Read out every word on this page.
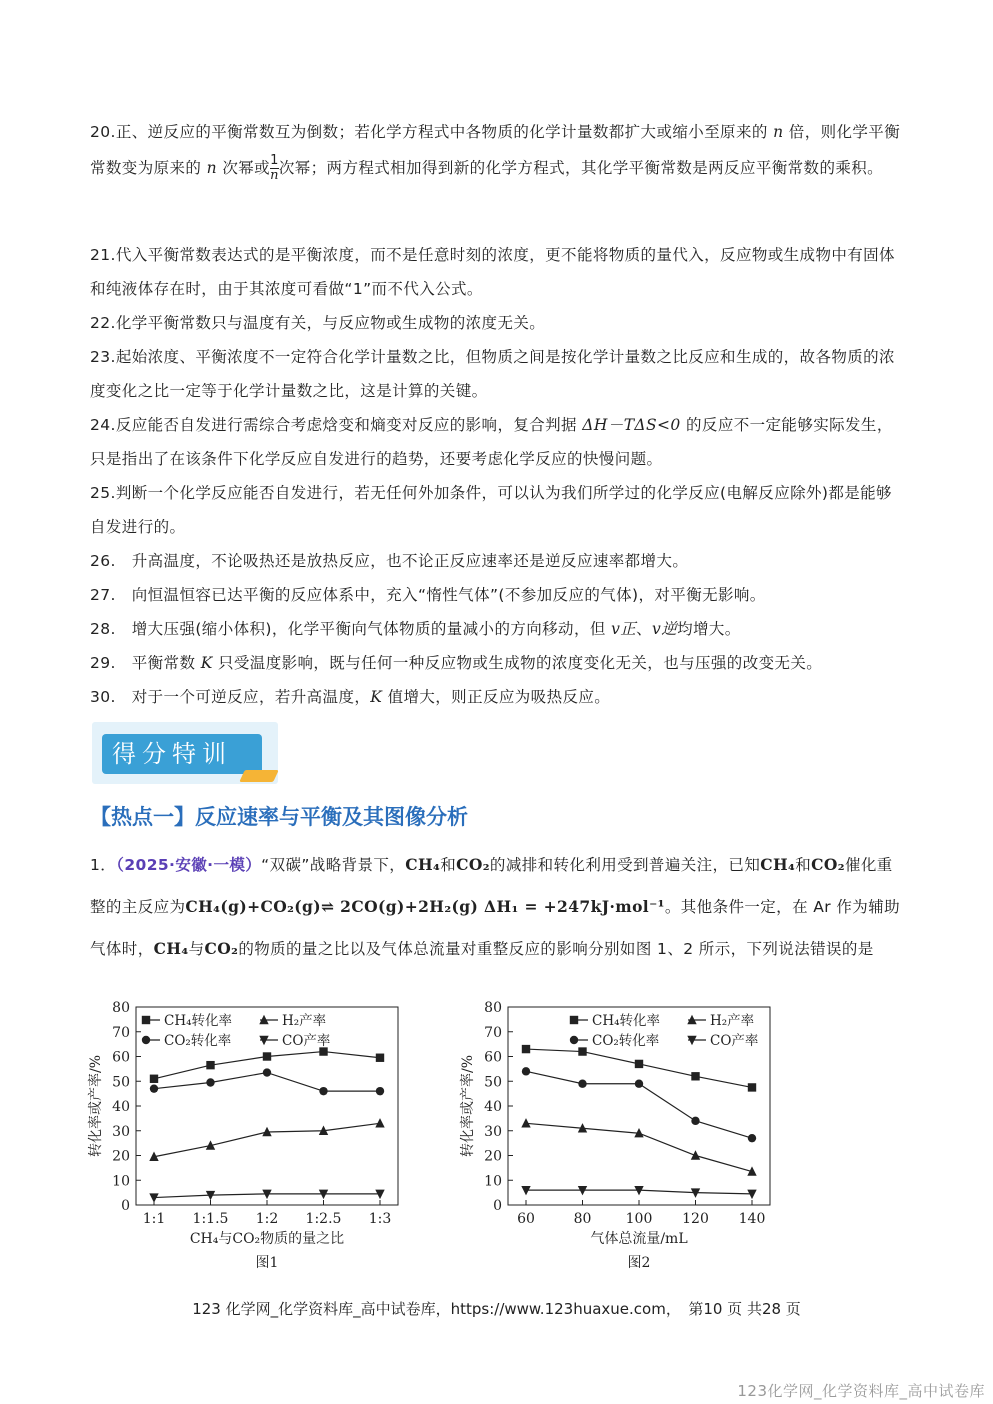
20.正、逆反应的平衡常数互为倒数；若化学方程式中各物质的化学计量数都扩大或缩小至原来的 n 倍，则化学平衡常数变为原来的 n 次幂或 $\frac{1}{n}$ 次幂；两方程式相加得到新的化学方程式，其化学平衡常数是两反应平衡常数的乘积。
21.代入平衡常数表达式的是平衡浓度，而不是任意时刻的浓度，更不能将物质的量代入，反应物或生成物中有固体和纯液体存在时，由于其浓度可看做“1”而不代入公式。
22.化学平衡常数只与温度有关，与反应物或生成物的浓度无关。
23.起始浓度、平衡浓度不一定符合化学计量数之比，但物质之间是按化学计量数之比反应和生成的，故各物质的浓度变化之比一定等于化学计量数之比，这是计算的关键。
24.反应能否自发进行需综合考虑焓变和熵变对反应的影响，复合判据 ΔH－TΔS<0 的反应不一定能够实际发生，只是指出了在该条件下化学反应自发进行的趋势，还要考虑化学反应的快慢问题。
25.判断一个化学反应能否自发进行，若无任何外加条件，可以认为我们所学过的化学反应(电解反应除外)都是能够自发进行的。
26.　升高温度，不论吸热还是放热反应，也不论正反应速率还是逆反应速率都增大。
27.　向恒温恒容已达平衡的反应体系中，充入“惰性气体”(不参加反应的气体)，对平衡无影响。
28.　增大压强(缩小体积)，化学平衡向气体物质的量减小的方向移动，但 v正、v逆均增大。
29.　平衡常数 K 只受温度影响，既与任何一种反应物或生成物的浓度变化无关，也与压强的改变无关。
30.　对于一个可逆反应，若升高温度，K 值增大，则正反应为吸热反应。
得分特训
【热点一】反应速率与平衡及其图像分析
1．（2025·安徽·一模）“双碳”战略背景下，CH₄和CO₂的减排和转化利用受到普遍关注，已知CH₄和CO₂催化重整的主反应为CH₄(g)+CO₂(g)⇌ 2CO(g)+2H₂(g) ΔH₁ = +247kJ·mol⁻¹。其他条件一定，在 Ar 作为辅助气体时，CH₄与CO₂的物质的量之比以及气体总流量对重整反应的影响分别如图 1、2 所示，下列说法错误的是
0
10
20
30
40
50
60
70
80
1:1 1:1.5 1:2 1:2.5 1:3
CH₄与CO₂物质的量之比
图1
转化率或产率/%
CH₄转化率	H₂产率
CO₂转化率	CO产率
0
10
20
30
40
50
60
70
80
60	80 100 120 140
气体总流量/mL
图2
转化率或产率/%
CH₄转化率	H₂产率
CO₂转化率	CO产率
123 化学网_化学资料库_高中试卷库，https://www.123huaxue.com，　第10 页 共28 页
123化学网_化学资料库_高中试卷库
